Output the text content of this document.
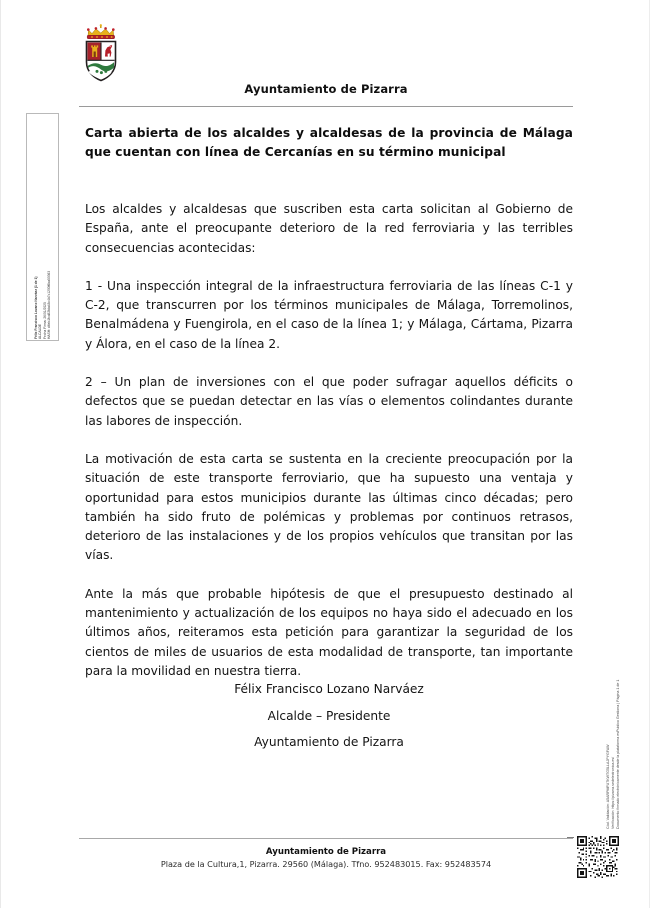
Ayuntamiento de Pizarra
Félix Francisco Lozano Narváez (1 de 1) ALCALDE Fecha Firma: 26/01/2025 HASH: d6eb1fcd82fda48c4b7c1200f6ba50363
Cód. Validación: A5ARPMFU7KWTG5LLAJPYGFAW Verificación: https://pizarra.sedelectronica.es/ Documento firmado electrónicamente desde la plataforma esPublico Gestiona | Página 1 de 1
Carta abierta de los alcaldes y alcaldesas de la provincia de Málaga que cuentan con línea de Cercanías en su término municipal

Los alcaldes y alcaldesas que suscriben esta carta solicitan al Gobierno de España, ante el preocupante deterioro de la red ferroviaria y las terribles consecuencias acontecidas:

1 - Una inspección integral de la infraestructura ferroviaria de las líneas C-1 y C-2, que transcurren por los términos municipales de Málaga, Torremolinos, Benalmádena y Fuengirola, en el caso de la línea 1; y Málaga, Cártama, Pizarra y Álora, en el caso de la línea 2.

2 – Un plan de inversiones con el que poder sufragar aquellos déficits o defectos que se puedan detectar en las vías o elementos colindantes durante las labores de inspección.

La motivación de esta carta se sustenta en la creciente preocupación por la situación de este transporte ferroviario, que ha supuesto una ventaja y oportunidad para estos municipios durante las últimas cinco décadas; pero también ha sido fruto de polémicas y problemas por continuos retrasos, deterioro de las instalaciones y de los propios vehículos que transitan por las vías.

Ante la más que probable hipótesis de que el presupuesto destinado al mantenimiento y actualización de los equipos no haya sido el adecuado en los últimos años, reiteramos esta petición para garantizar la seguridad de los cientos de miles de usuarios de esta modalidad de transporte, tan importante para la movilidad en nuestra tierra.

Félix Francisco Lozano Narváez
Alcalde – Presidente
Ayuntamiento de Pizarra
Ayuntamiento de Pizarra
Plaza de la Cultura,1, Pizarra. 29560 (Málaga). Tfno. 952483015. Fax: 952483574
